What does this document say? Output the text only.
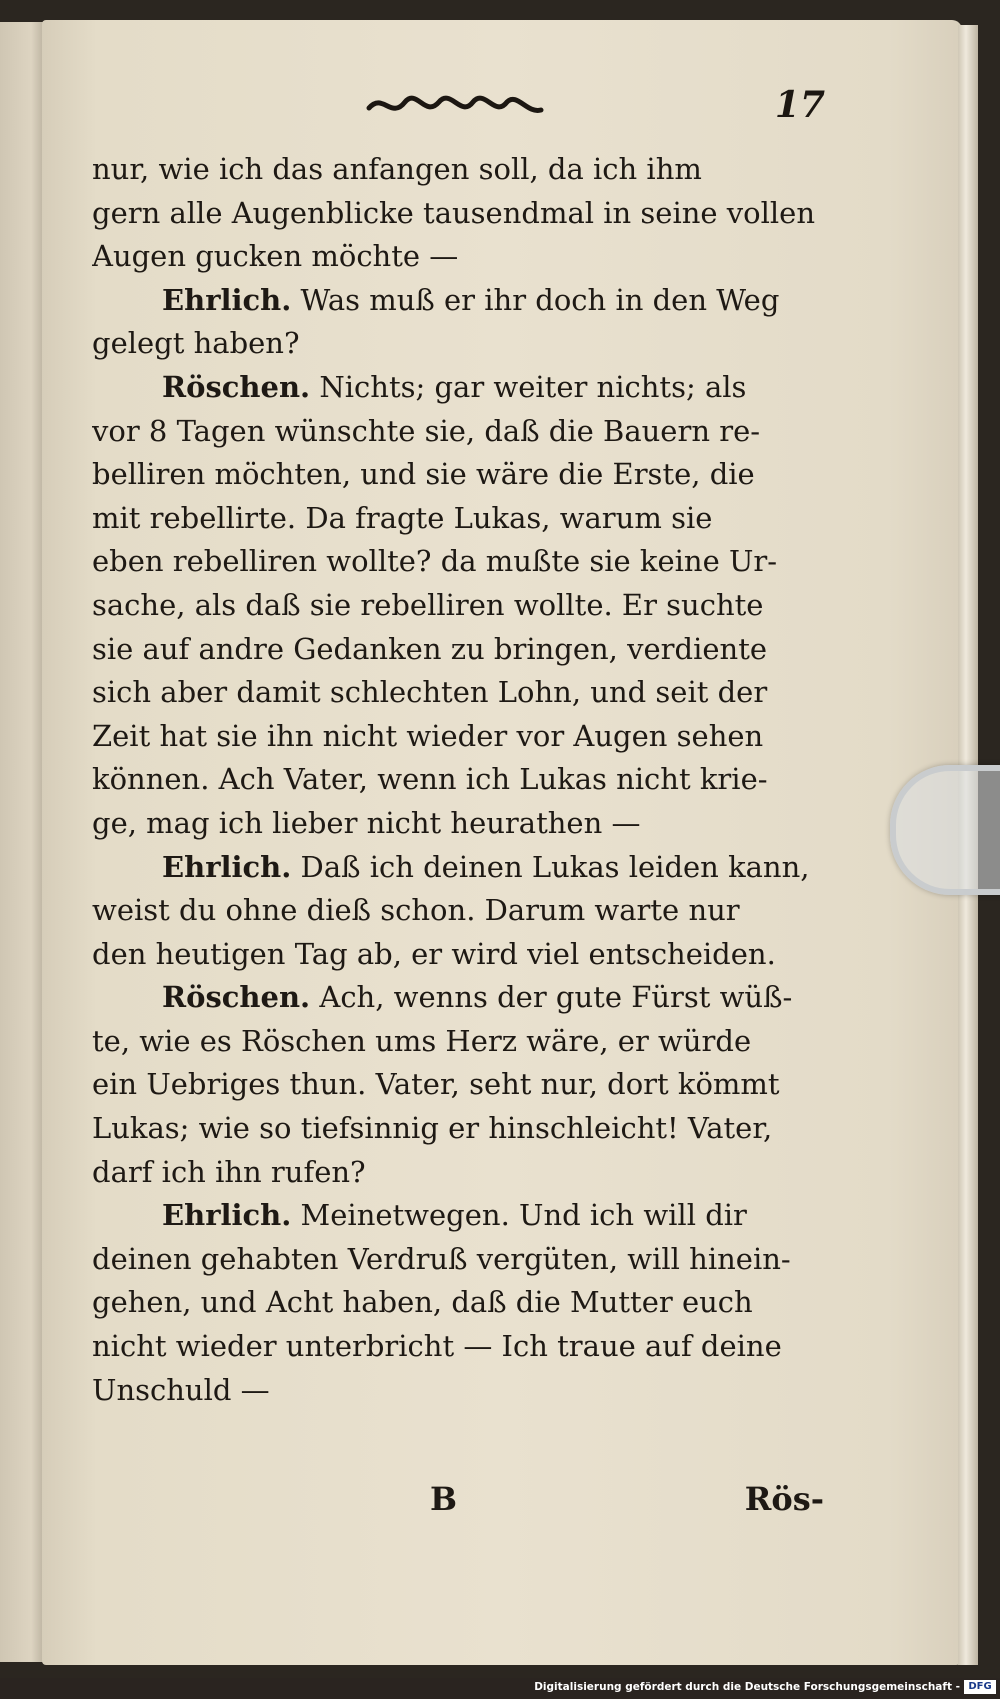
17
nur, wie ich das anfangen soll, da ich ihm
gern alle Augenblicke tausendmal in seine vollen
Augen gucken möchte —
Ehrlich. Was muß er ihr doch in den Weg
gelegt haben?
Röschen. Nichts; gar weiter nichts; als
vor 8 Tagen wünschte sie, daß die Bauern re-
belliren möchten, und sie wäre die Erste, die
mit rebellirte. Da fragte Lukas, warum sie
eben rebelliren wollte? da mußte sie keine Ur-
sache, als daß sie rebelliren wollte. Er suchte
sie auf andre Gedanken zu bringen, verdiente
sich aber damit schlechten Lohn, und seit der
Zeit hat sie ihn nicht wieder vor Augen sehen
können. Ach Vater, wenn ich Lukas nicht krie-
ge, mag ich lieber nicht heurathen —
Ehrlich. Daß ich deinen Lukas leiden kann,
weist du ohne dieß schon. Darum warte nur
den heutigen Tag ab, er wird viel entscheiden.
Röschen. Ach, wenns der gute Fürst wüß-
te, wie es Röschen ums Herz wäre, er würde
ein Uebriges thun. Vater, seht nur, dort kömmt
Lukas; wie so tiefsinnig er hinschleicht! Vater,
darf ich ihn rufen?
Ehrlich. Meinetwegen. Und ich will dir
deinen gehabten Verdruß vergüten, will hinein-
gehen, und Acht haben, daß die Mutter euch
nicht wieder unterbricht — Ich traue auf deine
Unschuld —
B	Rös-
Digitalisierung gefördert durch die Deutsche Forschungsgemeinschaft - DFG
